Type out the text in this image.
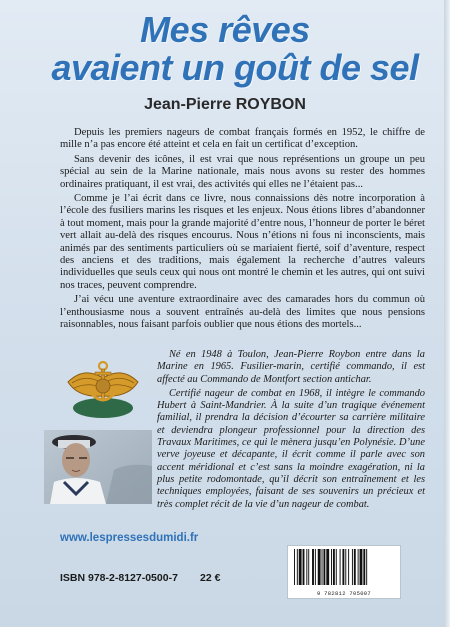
Mes rêves
avaient un goût de sel
Jean-Pierre ROYBON

Depuis les premiers nageurs de combat français formés en 1952, le chiffre de mille n’a pas encore été atteint et cela en fait un certificat d’exception.

Sans devenir des icônes, il est vrai que nous représentions un groupe un peu spécial au sein de la Marine nationale, mais nous avons su rester des hommes ordinaires pratiquant, il est vrai, des activités qui elles ne l’étaient pas...

Comme je l’ai écrit dans ce livre, nous connaissions dès notre incorporation à l’école des fusiliers marins les risques et les enjeux. Nous étions libres d’abandonner à tout moment, mais pour la grande majorité d’entre nous, l’honneur de porter le béret vert allait au-delà des risques encourus. Nous n’étions ni fous ni inconscients, mais animés par des sentiments particuliers où se mariaient fierté, soif d’aventure, respect des anciens et des traditions, mais également la recherche d’autres valeurs individuelles que seuls ceux qui nous ont montré le chemin et les autres, qui ont suivi nos traces, peuvent comprendre.

J’ai vécu une aventure extraordinaire avec des camarades hors du commun où l’enthousiasme nous a souvent entraînés au-delà des limites que nous pensions raisonnables, nous faisant parfois oublier que nous étions des mortels...

Né en 1948 à Toulon, Jean-Pierre Roybon entre dans la Marine en 1965. Fusilier-marin, certifié commando, il est affecté au Commando de Montfort section antichar.

Certifié nageur de combat en 1968, il intègre le commando Hubert à Saint-Mandrier. À la suite d’un tragique événement familial, il prendra la décision d’écourter sa carrière militaire et deviendra plongeur professionnel pour la direction des Travaux Maritimes, ce qui le mènera jusqu’en Polynésie. D’une verve joyeuse et décapante, il écrit comme il parle avec son accent méridional et c’est sans la moindre exagération, ni la plus petite rodomontade, qu’il décrit son entraînement et les techniques employées, faisant de ses souvenirs un précieux et très complet récit de la vie d’un nageur de combat.

www.lespressesdumidi.fr
ISBN 978-2-8127-0500-7 22 €
9 782812 705007
